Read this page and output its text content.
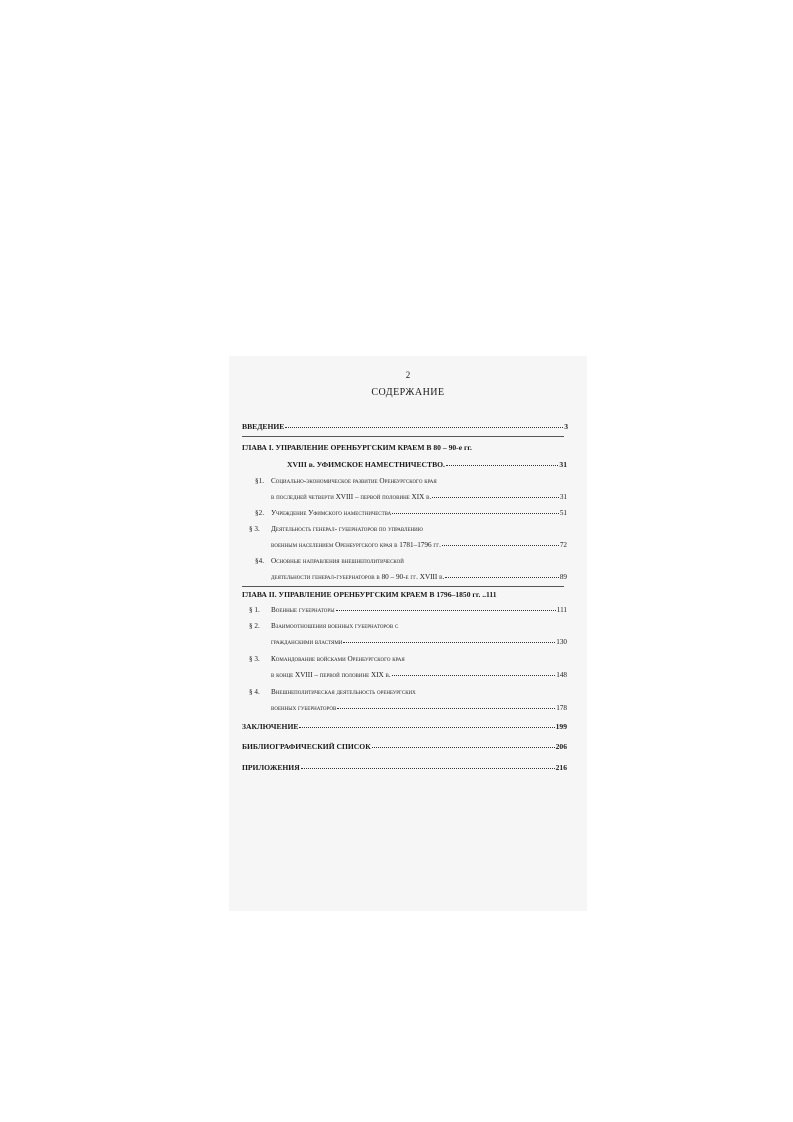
2
СОДЕРЖАНИЕ
ВВЕДЕНИЕ	3
ГЛАВА I. УПРАВЛЕНИЕ ОРЕНБУРГСКИМ КРАЕМ В 80 – 90-е гг.
XVIII в. УФИМСКОЕ НАМЕСТНИЧЕСТВО.	31
§1. Социально-экономическое развитие Оренбургского края
в последней четверти XVIII – первой половине XIX в.	31
§2. Учреждение Уфимского наместничества	51
§ 3. Деятельность генерал- губернаторов по управлению
военным населением Оренбургского края в 1781–1796 гг.	72
§4. Основные направления внешнеполитической
деятельности генерал-губернаторов в 80 – 90-е гг. XVIII в.	89
ГЛАВА II. УПРАВЛЕНИЕ ОРЕНБУРГСКИМ КРАЕМ В 1796–1850 гг. .. 111
§ 1. Военные губернаторы	111
§ 2. Взаимоотношения военных губернаторов с
гражданскими властями	130
§ 3. Командование войсками Оренбургского края
в конце XVIII – первой половине XIX в.	148
§ 4. Внешнеполитическая деятельность оренбургских
военных губернаторов	178
ЗАКЛЮЧЕНИЕ	199
БИБЛИОГРАФИЧЕСКИЙ СПИСОК	206
ПРИЛОЖЕНИЯ	216
